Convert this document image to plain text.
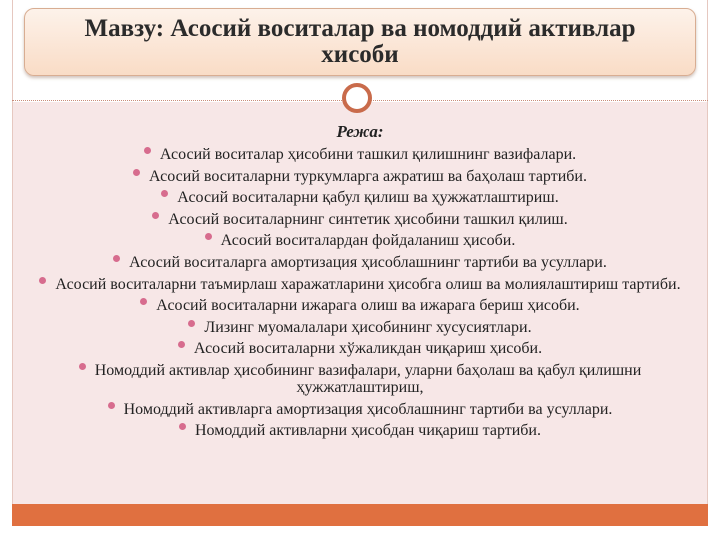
Мавзу: Асосий воситалар ва номоддий активлар хисоби
Режа:
Асосий воситалар ҳисобини ташкил қилишнинг вазифалари.
Асосий воситаларни туркумларга ажратиш ва баҳолаш тартиби.
Асосий воситаларни қабул қилиш ва ҳужжатлаштириш.
Асосий воситаларнинг синтетик ҳисобини ташкил қилиш.
Асосий воситалардан фойдаланиш ҳисоби.
Асосий воситаларга амортизация ҳисоблашнинг тартиби ва усуллари.
Асосий воситаларни таъмирлаш харажатларини ҳисобга олиш ва молиялаштириш тартиби.
Асосий воситаларни ижарага олиш ва ижарага бериш ҳисоби.
Лизинг муомалалари ҳисобининг хусусиятлари.
Асосий воситаларни хўжаликдан чиқариш ҳисоби.
Номоддий активлар ҳисобининг вазифалари, уларни баҳолаш ва қабул қилишни ҳужжатлаштириш,
Номоддий активларга амортизация ҳисоблашнинг тартиби ва усуллари.
Номоддий активларни ҳисобдан чиқариш тартиби.
